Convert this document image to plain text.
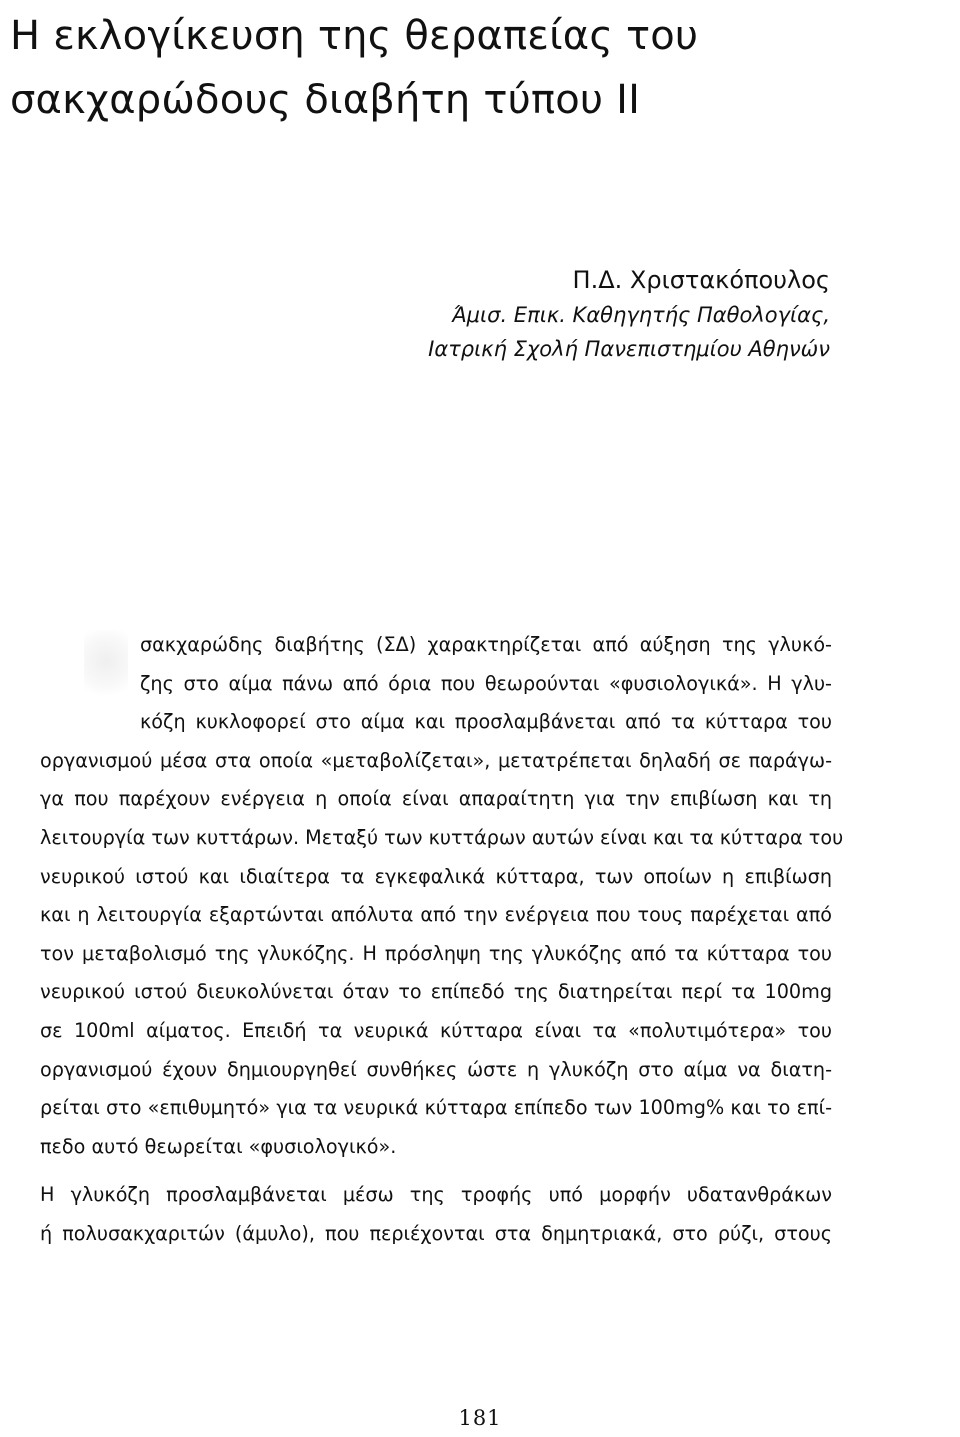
Η εκλογίκευση της θεραπείας του
σακχαρώδους διαβήτη τύπου ΙΙ
Π.Δ. Χριστακόπουλος
Άμισ. Επικ. Καθηγητής Παθολογίας,
Ιατρική Σχολή Πανεπιστημίου Αθηνών
σακχαρώδης διαβήτης (ΣΔ) χαρακτηρίζεται από αύξηση της γλυκό-
ζης στο αίμα πάνω από όρια που θεωρούνται «φυσιολογικά». Η γλυ-
κόζη κυκλοφορεί στο αίμα και προσλαμβάνεται από τα κύτταρα του
οργανισμού μέσα στα οποία «μεταβολίζεται», μετατρέπεται δηλαδή σε παράγω-
γα που παρέχουν ενέργεια η οποία είναι απαραίτητη για την επιβίωση και τη
λειτουργία των κυττάρων. Μεταξύ των κυττάρων αυτών είναι και τα κύτταρα του
νευρικού ιστού και ιδιαίτερα τα εγκεφαλικά κύτταρα, των οποίων η επιβίωση
και η λειτουργία εξαρτώνται απόλυτα από την ενέργεια που τους παρέχεται από
τον μεταβολισμό της γλυκόζης. Η πρόσληψη της γλυκόζης από τα κύτταρα του
νευρικού ιστού διευκολύνεται όταν το επίπεδό της διατηρείται περί τα 100mg
σε 100ml αίματος. Επειδή τα νευρικά κύτταρα είναι τα «πολυτιμότερα» του
οργανισμού έχουν δημιουργηθεί συνθήκες ώστε η γλυκόζη στο αίμα να διατη-
ρείται στο «επιθυμητό» για τα νευρικά κύτταρα επίπεδο των 100mg% και το επί-
πεδο αυτό θεωρείται «φυσιολογικό».
Η γλυκόζη προσλαμβάνεται μέσω της τροφής υπό μορφήν υδατανθράκων
ή πολυσακχαριτών (άμυλο), που περιέχονται στα δημητριακά, στο ρύζι, στους
181
